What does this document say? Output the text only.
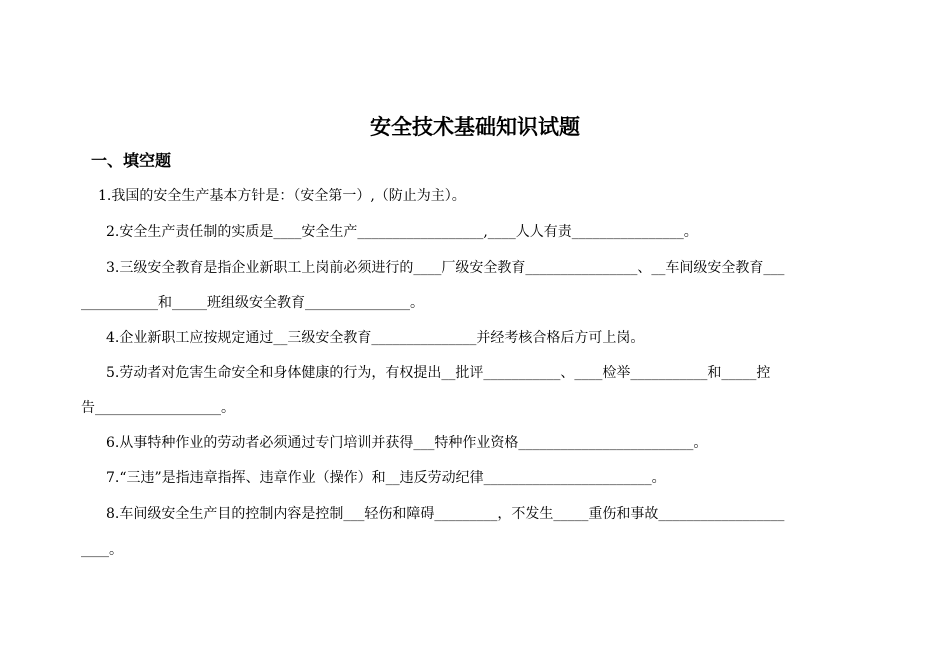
安全技术基础知识试题
一、填空题
1.我国的安全生产基本方针是：（安全第一）,（防止为主）。
2.安全生产责任制的实质是____安全生产__________________,____人人有责________________。
3.三级安全教育是指企业新职工上岗前必须进行的____厂级安全教育________________、__车间级安全教育___
___________和_____班组级安全教育_______________。
4.企业新职工应按规定通过__三级安全教育_______________并经考核合格后方可上岗。
5.劳动者对危害生命安全和身体健康的行为，有权提出__批评___________、____检举___________和_____控
告__________________。
6.从事特种作业的劳动者必须通过专门培训并获得___特种作业资格_________________________。
7.“三违”是指违章指挥、违章作业（操作）和__违反劳动纪律________________________。
8.车间级安全生产目的控制内容是控制___轻伤和障碍_________，不发生_____重伤和事故__________________
____。
